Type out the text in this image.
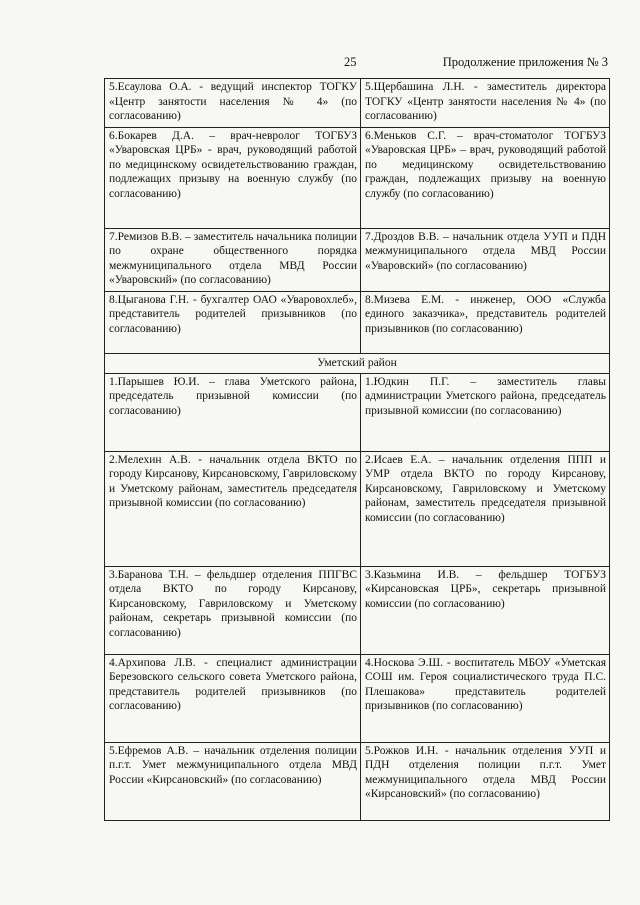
25	Продолжение приложения № 3
5.Есаулова О.А. - ведущий инспектор ТОГКУ «Центр занятости населения № 4» (по согласованию)	5.Щербашина Л.Н. - заместитель директора ТОГКУ «Центр занятости населения № 4» (по согласованию)
6.Бокарев Д.А. – врач-невролог ТОГБУЗ «Уваровская ЦРБ» - врач, руководящий работой по медицинскому освидетельствованию граждан, подлежащих призыву на военную службу (по согласованию)	6.Меньков С.Г. – врач-стоматолог ТОГБУЗ «Уваровская ЦРБ» – врач, руководящий работой по медицинскому освидетельствованию граждан, подлежащих призыву на военную службу (по согласованию)
7.Ремизов В.В. – заместитель начальника полиции по охране общественного порядка межмуниципального отдела МВД России «Уваровский» (по согласованию)	7.Дроздов В.В. – начальник отдела УУП и ПДН межмуниципального отдела МВД России «Уваровский» (по согласованию)
8.Цыганова Г.Н. - бухгалтер ОАО «Уваровохлеб», представитель родителей призывников (по согласованию)	8.Мизева Е.М. - инженер, ООО «Служба единого заказчика», представитель родителей призывников (по согласованию)
Уметский район	
1.Парышев Ю.И. – глава Уметского района, председатель призывной комиссии (по согласованию)	1.Юдкин П.Г. – заместитель главы администрации Уметского района, председатель призывной комиссии (по согласованию)
2.Мелехин А.В. - начальник отдела ВКТО по городу Кирсанову, Кирсановскому, Гавриловскому и Уметскому районам, заместитель председателя призывной комиссии (по согласованию)	2.Исаев Е.А. – начальник отделения ППП и УМР отдела ВКТО по городу Кирсанову, Кирсановскому, Гавриловскому и Уметскому районам, заместитель председателя призывной комиссии (по согласованию)
3.Баранова Т.Н. – фельдшер отделения ППГВС отдела ВКТО по городу Кирсанову, Кирсановскому, Гавриловскому и Уметскому районам, секретарь призывной комиссии (по согласованию)	3.Казьмина И.В. – фельдшер ТОГБУЗ «Кирсановская ЦРБ», секретарь призывной комиссии (по согласованию)
4.Архипова Л.В. - специалист администрации Березовского сельского совета Уметского района, представитель родителей призывников (по согласованию)	4.Носкова Э.Ш. - воспитатель МБОУ «Уметская СОШ им. Героя социалистического труда П.С. Плешакова» представитель родителей призывников (по согласованию)
5.Ефремов А.В. – начальник отделения полиции п.г.т. Умет межмуниципального отдела МВД России «Кирсановский» (по согласованию)	5.Рожков И.Н. - начальник отделения УУП и ПДН отделения полиции п.г.т. Умет межмуниципального отдела МВД России «Кирсановский» (по согласованию)
